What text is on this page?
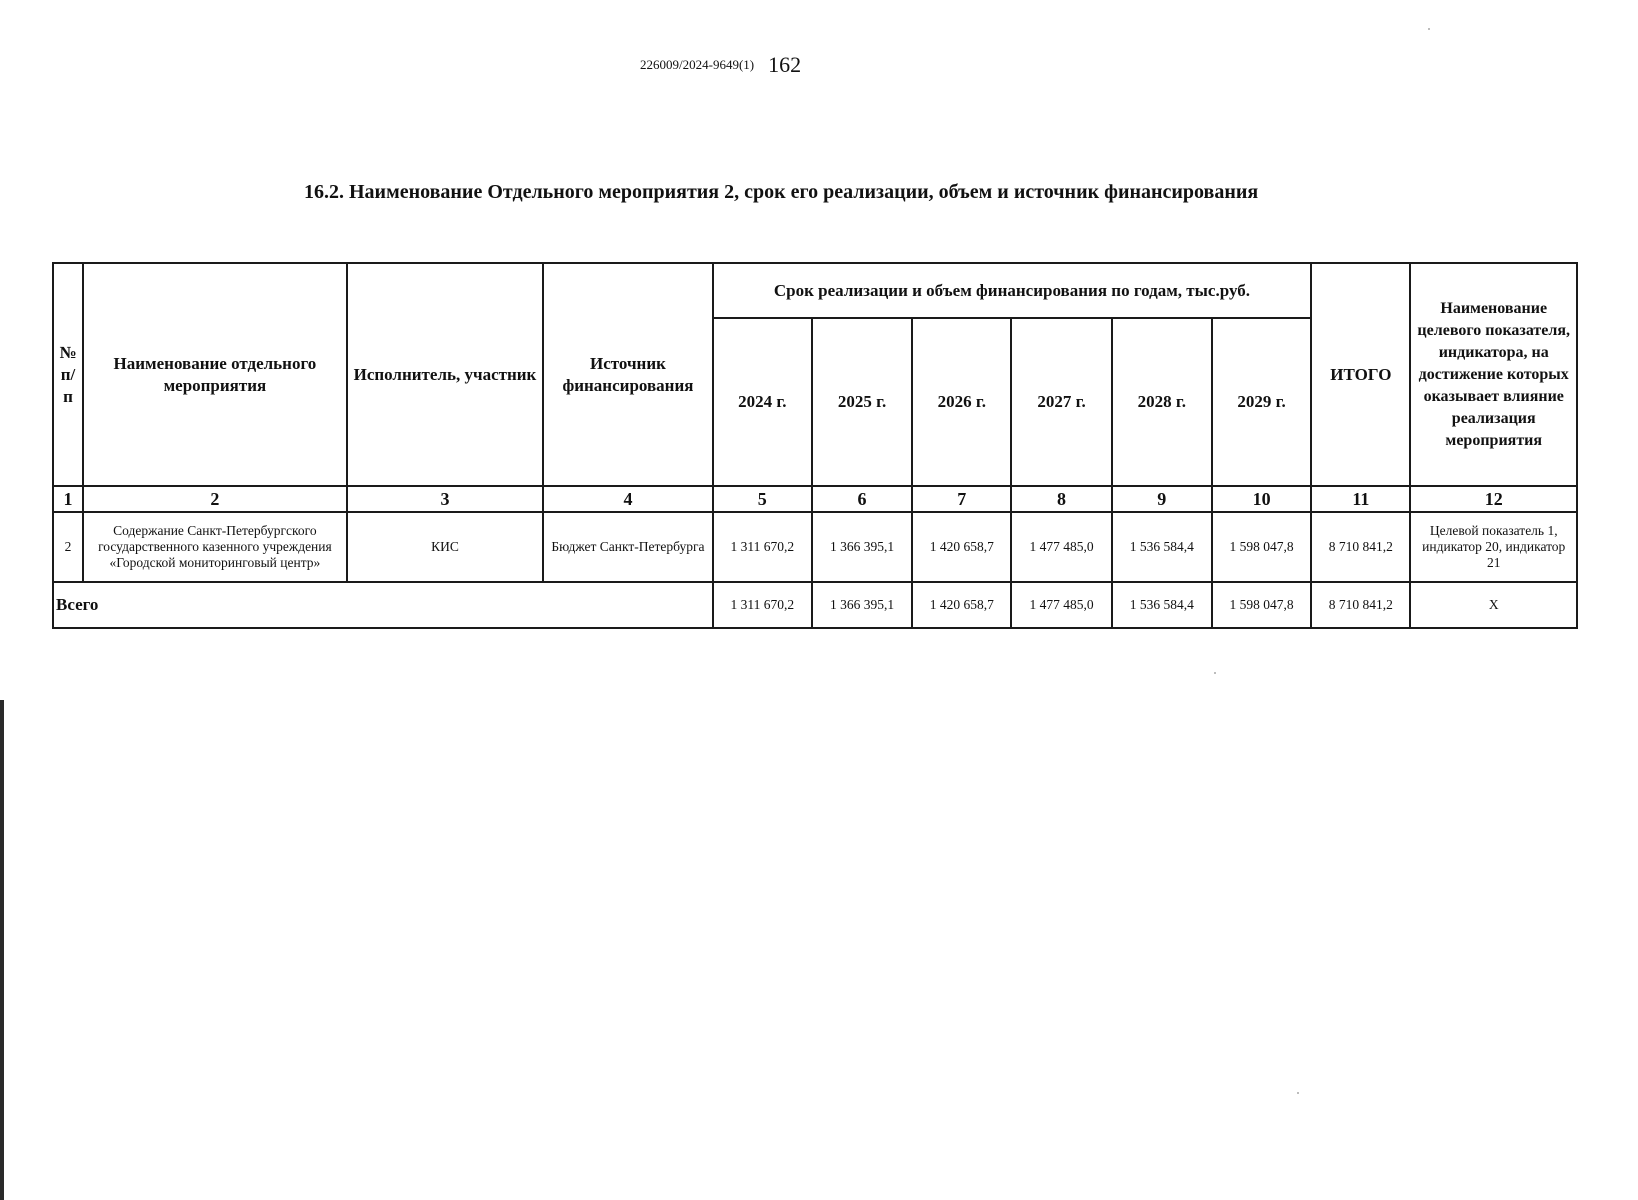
226009/2024-9649(1) 162
16.2. Наименование Отдельного мероприятия 2, срок его реализации, объем и источник финансирования
№ п/п	Наименование отдельного мероприятия	Исполнитель, участник	Источник финансирования	Срок реализации и объем финансирования по годам, тыс.руб.						ИТОГО	Наименование целевого показателя, индикатора, на достижение которых оказывает влияние реализация мероприятия
				2024 г.	2025 г.	2026 г.	2027 г.	2028 г.	2029 г.		
1	2	3	4	5	6	7	8	9	10	11	12
2	Содержание Санкт-Петербургского государственного казенного учреждения «Городской мониторинговый центр»	КИС	Бюджет Санкт-Петербурга	1 311 670,2	1 366 395,1	1 420 658,7	1 477 485,0	1 536 584,4	1 598 047,8	8 710 841,2	Целевой показатель 1, индикатор 20, индикатор 21
Всего				1 311 670,2	1 366 395,1	1 420 658,7	1 477 485,0	1 536 584,4	1 598 047,8	8 710 841,2	X
